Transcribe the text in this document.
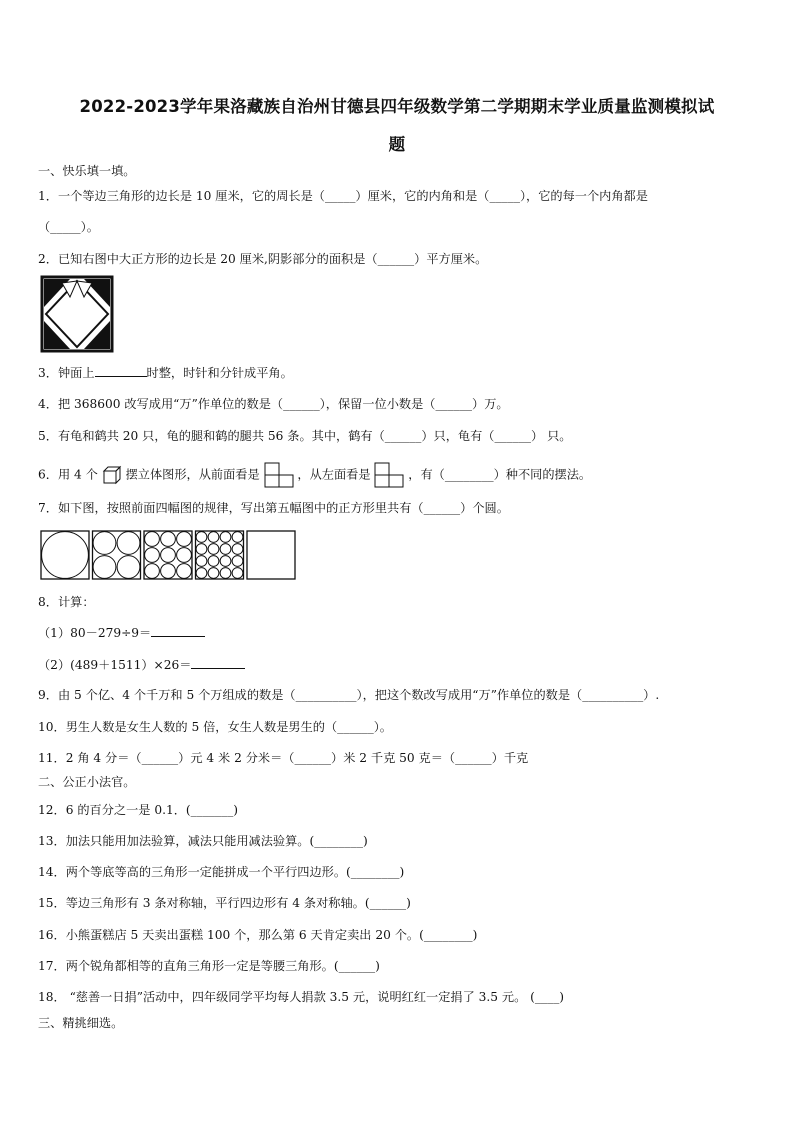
2022-2023学年果洛藏族自治州甘德县四年级数学第二学期期末学业质量监测模拟试
题
一、快乐填一填。
1．一个等边三角形的边长是 10 厘米，它的周长是（_____）厘米，它的内角和是（_____），它的每一个内角都是
（_____）。
2．已知右图中大正方形的边长是 20 厘米,阴影部分的面积是（______）平方厘米。
3．钟面上	时整，时针和分针成平角。
4．把 368600 改写成用“万”作单位的数是（______），保留一位小数是（______）万。
5．有龟和鹤共 20 只，龟的腿和鹤的腿共 56 条。其中，鹤有（______）只，龟有（______） 只。
6．用 4 个 摆立体图形，从前面看是	，从左面看是	，有（________）种不同的摆法。
7．如下图，按照前面四幅图的规律，写出第五幅图中的正方形里共有（______）个圆。
8．计算：
（1）80－279÷9＝
（2）(489＋1511）×26＝
9．由 5 个亿、4 个千万和 5 个万组成的数是（__________），把这个数改写成用“万”作单位的数是（__________）.
10．男生人数是女生人数的 5 倍，女生人数是男生的（______）。
11．2 角 4 分＝（______）元 4 米 2 分米＝（______）米 2 千克 50 克＝（______）千克
二、公正小法官。
12．6 的百分之一是 0.1．(_______)
13．加法只能用加法验算，减法只能用减法验算。(________)
14．两个等底等高的三角形一定能拼成一个平行四边形。(________)
15．等边三角形有 3 条对称轴，平行四边形有 4 条对称轴。(______)
16．小熊蛋糕店 5 天卖出蛋糕 100 个，那么第 6 天肯定卖出 20 个。(________)
17．两个锐角都相等的直角三角形一定是等腰三角形。(______)
18． “慈善一日捐”活动中，四年级同学平均每人捐款 3.5 元，说明红红一定捐了 3.5 元。 (____)
三、精挑细选。
